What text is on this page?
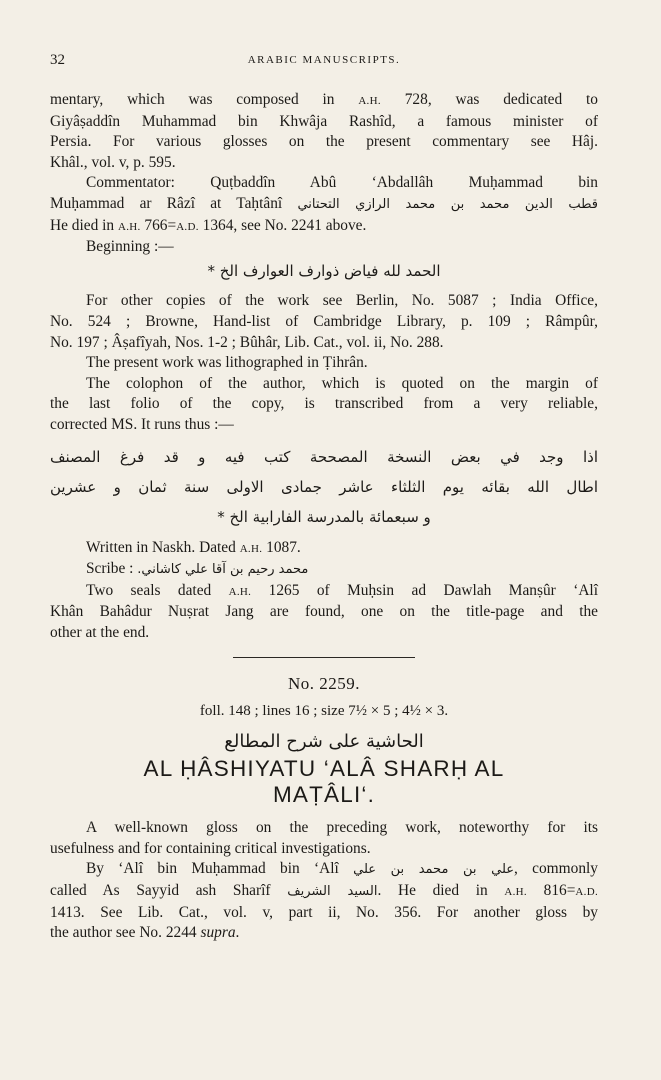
32	ARABIC MANUSCRIPTS.

mentary, which was composed in A.H. 728, was dedicated to

Giyâṣaddîn Muhammad bin Khwâja Rashîd, a famous minister of

Persia. For various glosses on the present commentary see Hâj.

Khâl., vol. v, p. 595.

Commentator: Quṭbaddîn Abû ‘Abdallâh Muḥammad bin

Muḥammad ar Râzî at Taḥtânî قطب الدين محمد بن محمد الرازي التحتاني

He died in A.H. 766=A.D. 1364, see No. 2241 above.

Beginning :—

الحمد لله فياض ذوارف العوارف الخ *

For other copies of the work see Berlin, No. 5087 ; India Office,

No. 524 ; Browne, Hand-list of Cambridge Library, p. 109 ; Râmpûr,

No. 197 ; Âṣafîyah, Nos. 1-2 ; Bûhâr, Lib. Cat., vol. ii, No. 288.

The present work was lithographed in Ṭihrân.

The colophon of the author, which is quoted on the margin of

the last folio of the copy, is transcribed from a very reliable,

corrected MS. It runs thus :—

اذا وجد في بعض النسخة المصححة كتب فيه و قد فرغ المصنف

اطال الله بقائه يوم الثلثاء عاشر جمادى الاولى سنة ثمان و عشرين

و سبعمائة بالمدرسة الفارابية الخ *

Written in Naskh. Dated A.H. 1087.

Scribe : محمد رحيم بن آقا علي كاشاني.

Two seals dated A.H. 1265 of Muḥsin ad Dawlah Manṣûr ‘Alî

Khân Bahâdur Nuṣrat Jang are found, one on the title-page and the

other at the end.

No. 2259.

foll. 148 ; lines 16 ; size 7½ × 5 ; 4½ × 3.

الحاشية على شرح المطالع

AL ḤÂSHIYATU ‘ALÂ SHARḤ AL
MAṬÂLI‘.

A well-known gloss on the preceding work, noteworthy for its

usefulness and for containing critical investigations.

By ‘Alî bin Muḥammad bin ‘Alî علي بن محمد بن علي, commonly

called As Sayyid ash Sharîf السيد الشريف. He died in A.H. 816=A.D.

1413. See Lib. Cat., vol. v, part ii, No. 356. For another gloss by

the author see No. 2244 supra.
